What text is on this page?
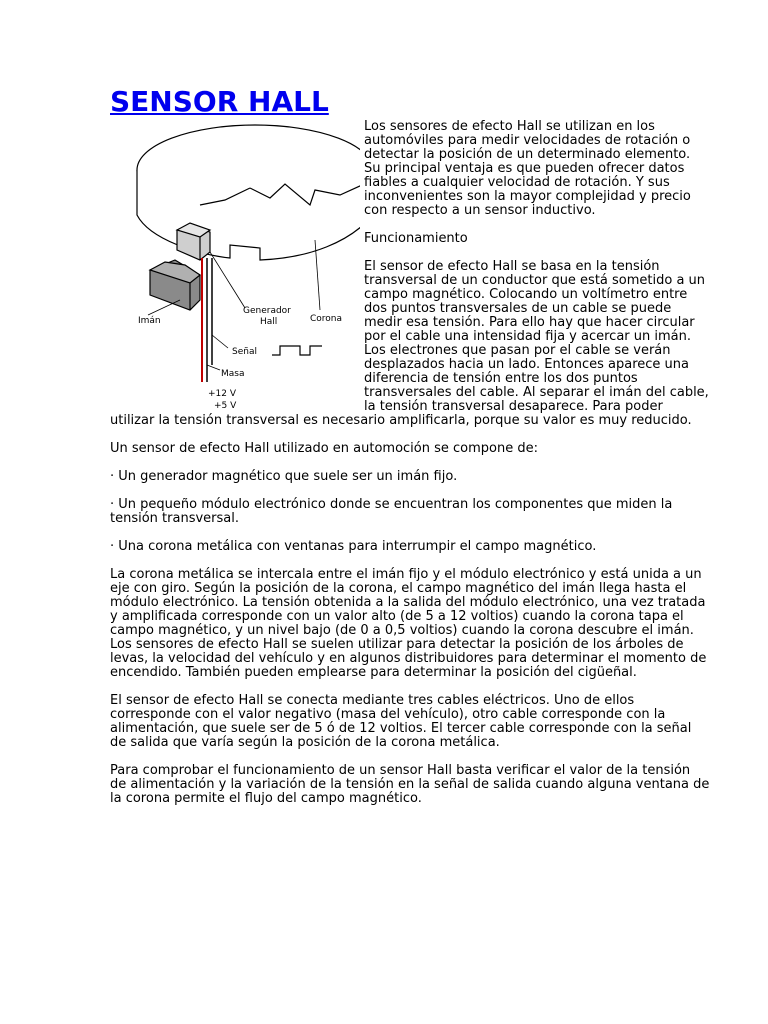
SENSOR HALL
Imán
Generador
Hall	Corona
Señal
Masa
+12 V
+5 V

Los sensores de efecto Hall se utilizan en los automóviles para medir velocidades de rotación o detectar la posición de un determinado elemento. Su principal ventaja es que pueden ofrecer datos fiables a cualquier velocidad de rotación. Y sus inconvenientes son la mayor complejidad y precio con respecto a un sensor inductivo.

Funcionamiento

El sensor de efecto Hall se basa en la tensión transversal de un conductor que está sometido a un campo magnético. Colocando un voltímetro entre dos puntos transversales de un cable se puede medir esa tensión. Para ello hay que hacer circular por el cable una intensidad fija y acercar un imán. Los electrones que pasan por el cable se verán desplazados hacia un lado. Entonces aparece una diferencia de tensión entre los dos puntos transversales del cable. Al separar el imán del cable, la tensión transversal desaparece. Para poder utilizar la tensión transversal es necesario amplificarla, porque su valor es muy reducido.

Un sensor de efecto Hall utilizado en automoción se compone de:

· Un generador magnético que suele ser un imán fijo.

· Un pequeño módulo electrónico donde se encuentran los componentes que miden la tensión transversal.

· Una corona metálica con ventanas para interrumpir el campo magnético.

La corona metálica se intercala entre el imán fijo y el módulo electrónico y está unida a un eje con giro. Según la posición de la corona, el campo magnético del imán llega hasta el módulo electrónico. La tensión obtenida a la salida del módulo electrónico, una vez tratada y amplificada corresponde con un valor alto (de 5 a 12 voltios) cuando la corona tapa el campo magnético, y un nivel bajo (de 0 a 0,5 voltios) cuando la corona descubre el imán. Los sensores de efecto Hall se suelen utilizar para detectar la posición de los árboles de levas, la velocidad del vehículo y en algunos distribuidores para determinar el momento de encendido. También pueden emplearse para determinar la posición del cigüeñal.

El sensor de efecto Hall se conecta mediante tres cables eléctricos. Uno de ellos corresponde con el valor negativo (masa del vehículo), otro cable corresponde con la alimentación, que suele ser de 5 ó de 12 voltios. El tercer cable corresponde con la señal de salida que varía según la posición de la corona metálica.

Para comprobar el funcionamiento de un sensor Hall basta verificar el valor de la tensión de alimentación y la variación de la tensión en la señal de salida cuando alguna ventana de la corona permite el flujo del campo magnético.
